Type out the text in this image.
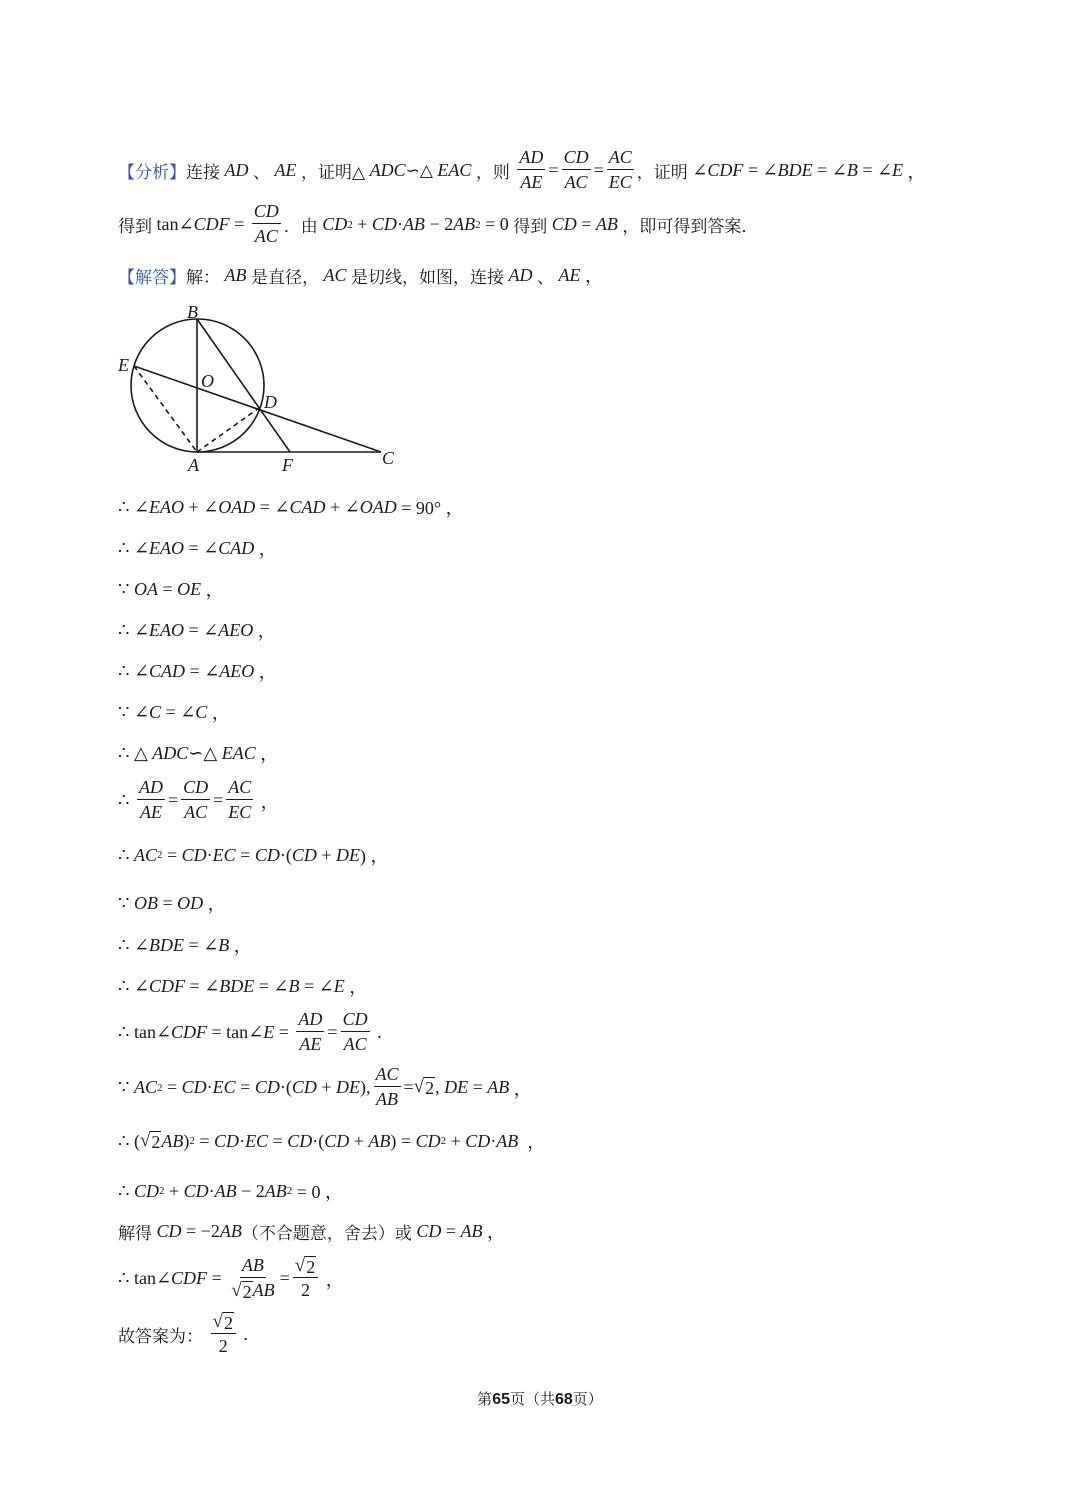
【分析】 连接
AD
、
AE
，证明△
ADC ∽△
EAC
，则
$\frac{AD}{AE} = \frac{CD}{AC} = \frac{AC}{EC}$ ，证明 ∠ CDF = ∠ BDE = ∠ B = ∠ E ，
得到 tan∠ CDF = $\frac{CD}{AC}$ ．由
CD 2 + CD · AB − 2 AB 2 = 0 得到
CD = AB
，即可得到答案．
【解答】 解：
AB
是直径，
AC
是切线，如图，连接
AD
、
AE ，
B
E
O
D
A	F	C
∴ ∠ EAO + ∠ OAD = ∠ CAD + ∠ OAD = 90° ，
∴ ∠ EAO = ∠ CAD ，
∵ OA = OE ，
∴ ∠ EAO = ∠ AEO ，
∴ ∠ CAD = ∠ AEO ，
∵ ∠ C = ∠ C ，
∴ △ ADC ∽△ EAC ，
∴ $\frac{AD}{AE} = \frac{CD}{AC} = \frac{AC}{EC}$ ，
∴ AC 2 = CD · EC = CD ·( CD + DE ) ，
∵ OB = OD ，
∴ ∠ BDE = ∠ B ，
∴ ∠ CDF = ∠ BDE = ∠ B = ∠ E ，
∴ tan∠ CDF = tan∠ $E = \frac{AD}{AE} = \frac{CD}{AC}$ .
∵ AC 2 = CD · EC = CD ·( CD + DE ), $\frac{AC}{AB}$ = √ 2 , DE = AB ，
∴ ( √ 2 AB ) 2 = CD · EC = CD ·( CD + AB ) = CD 2 + CD · AB ，
∴ CD 2 + CD · AB − 2 AB 2 = 0 ，
解得
CD = −2 AB （不合题意，舍去）或
CD = AB ，
∴ tan∠ CDF = $\frac{AB}{√ 2 AB} = \frac{√ 2}{2}$ ，
故答案为：
$\frac{√ 2}{2}$ .
第65页（共68页）
